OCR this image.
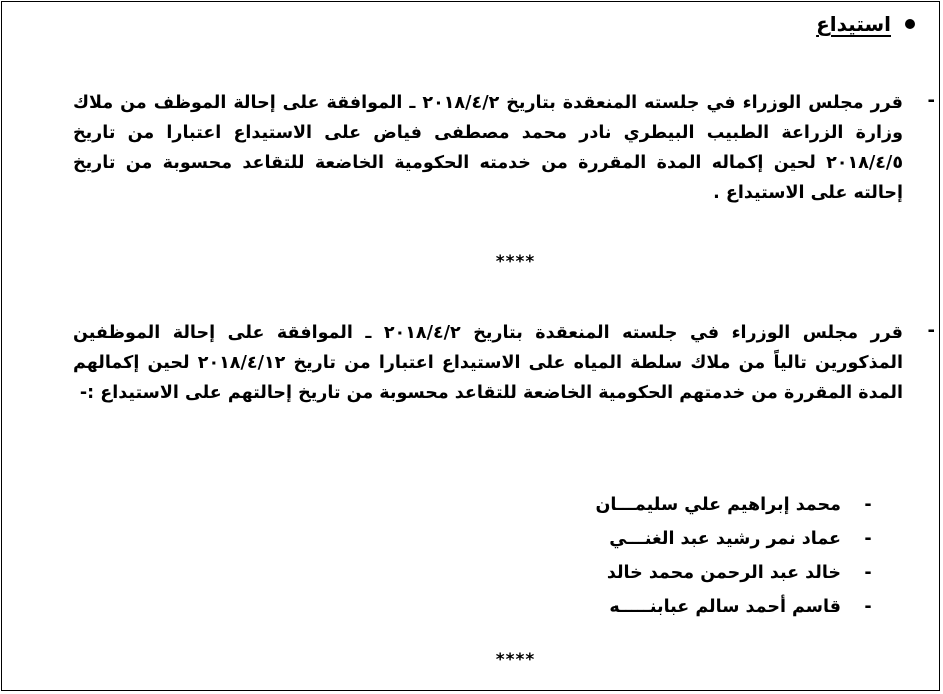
استيداع
-
قرر مجلس الوزراء في جلسته المنعقدة بتاريخ ٢٠١٨/٤/٢ ـ الموافقة على إحالة الموظف من ملاك وزارة الزراعة الطبيب البيطري نادر محمد مصطفى فياض على الاستيداع اعتبارا من تاريخ ٢٠١٨/٤/٥ لحين إكماله المدة المقررة من خدمته الحكومية الخاضعة للتقاعد محسوبة من تاريخ إحالته على الاستيداع .
****
-
قرر مجلس الوزراء في جلسته المنعقدة بتاريخ ٢٠١٨/٤/٢ ـ الموافقة على إحالة الموظفين المذكورين تالياً من ملاك سلطة المياه على الاستيداع اعتبارا من تاريخ ٢٠١٨/٤/١٢ لحين إكمالهم المدة المقررة من خدمتهم الحكومية الخاضعة للتقاعد محسوبة من تاريخ إحالتهم على الاستيداع :-
-
محمد إبراهيم علي سليمـــان
-
عماد نمر رشيد عبد الغنـــي
-
خالد عبد الرحمن محمد خالد
-
قاسم أحمد سالم عبابنـــــه
****
